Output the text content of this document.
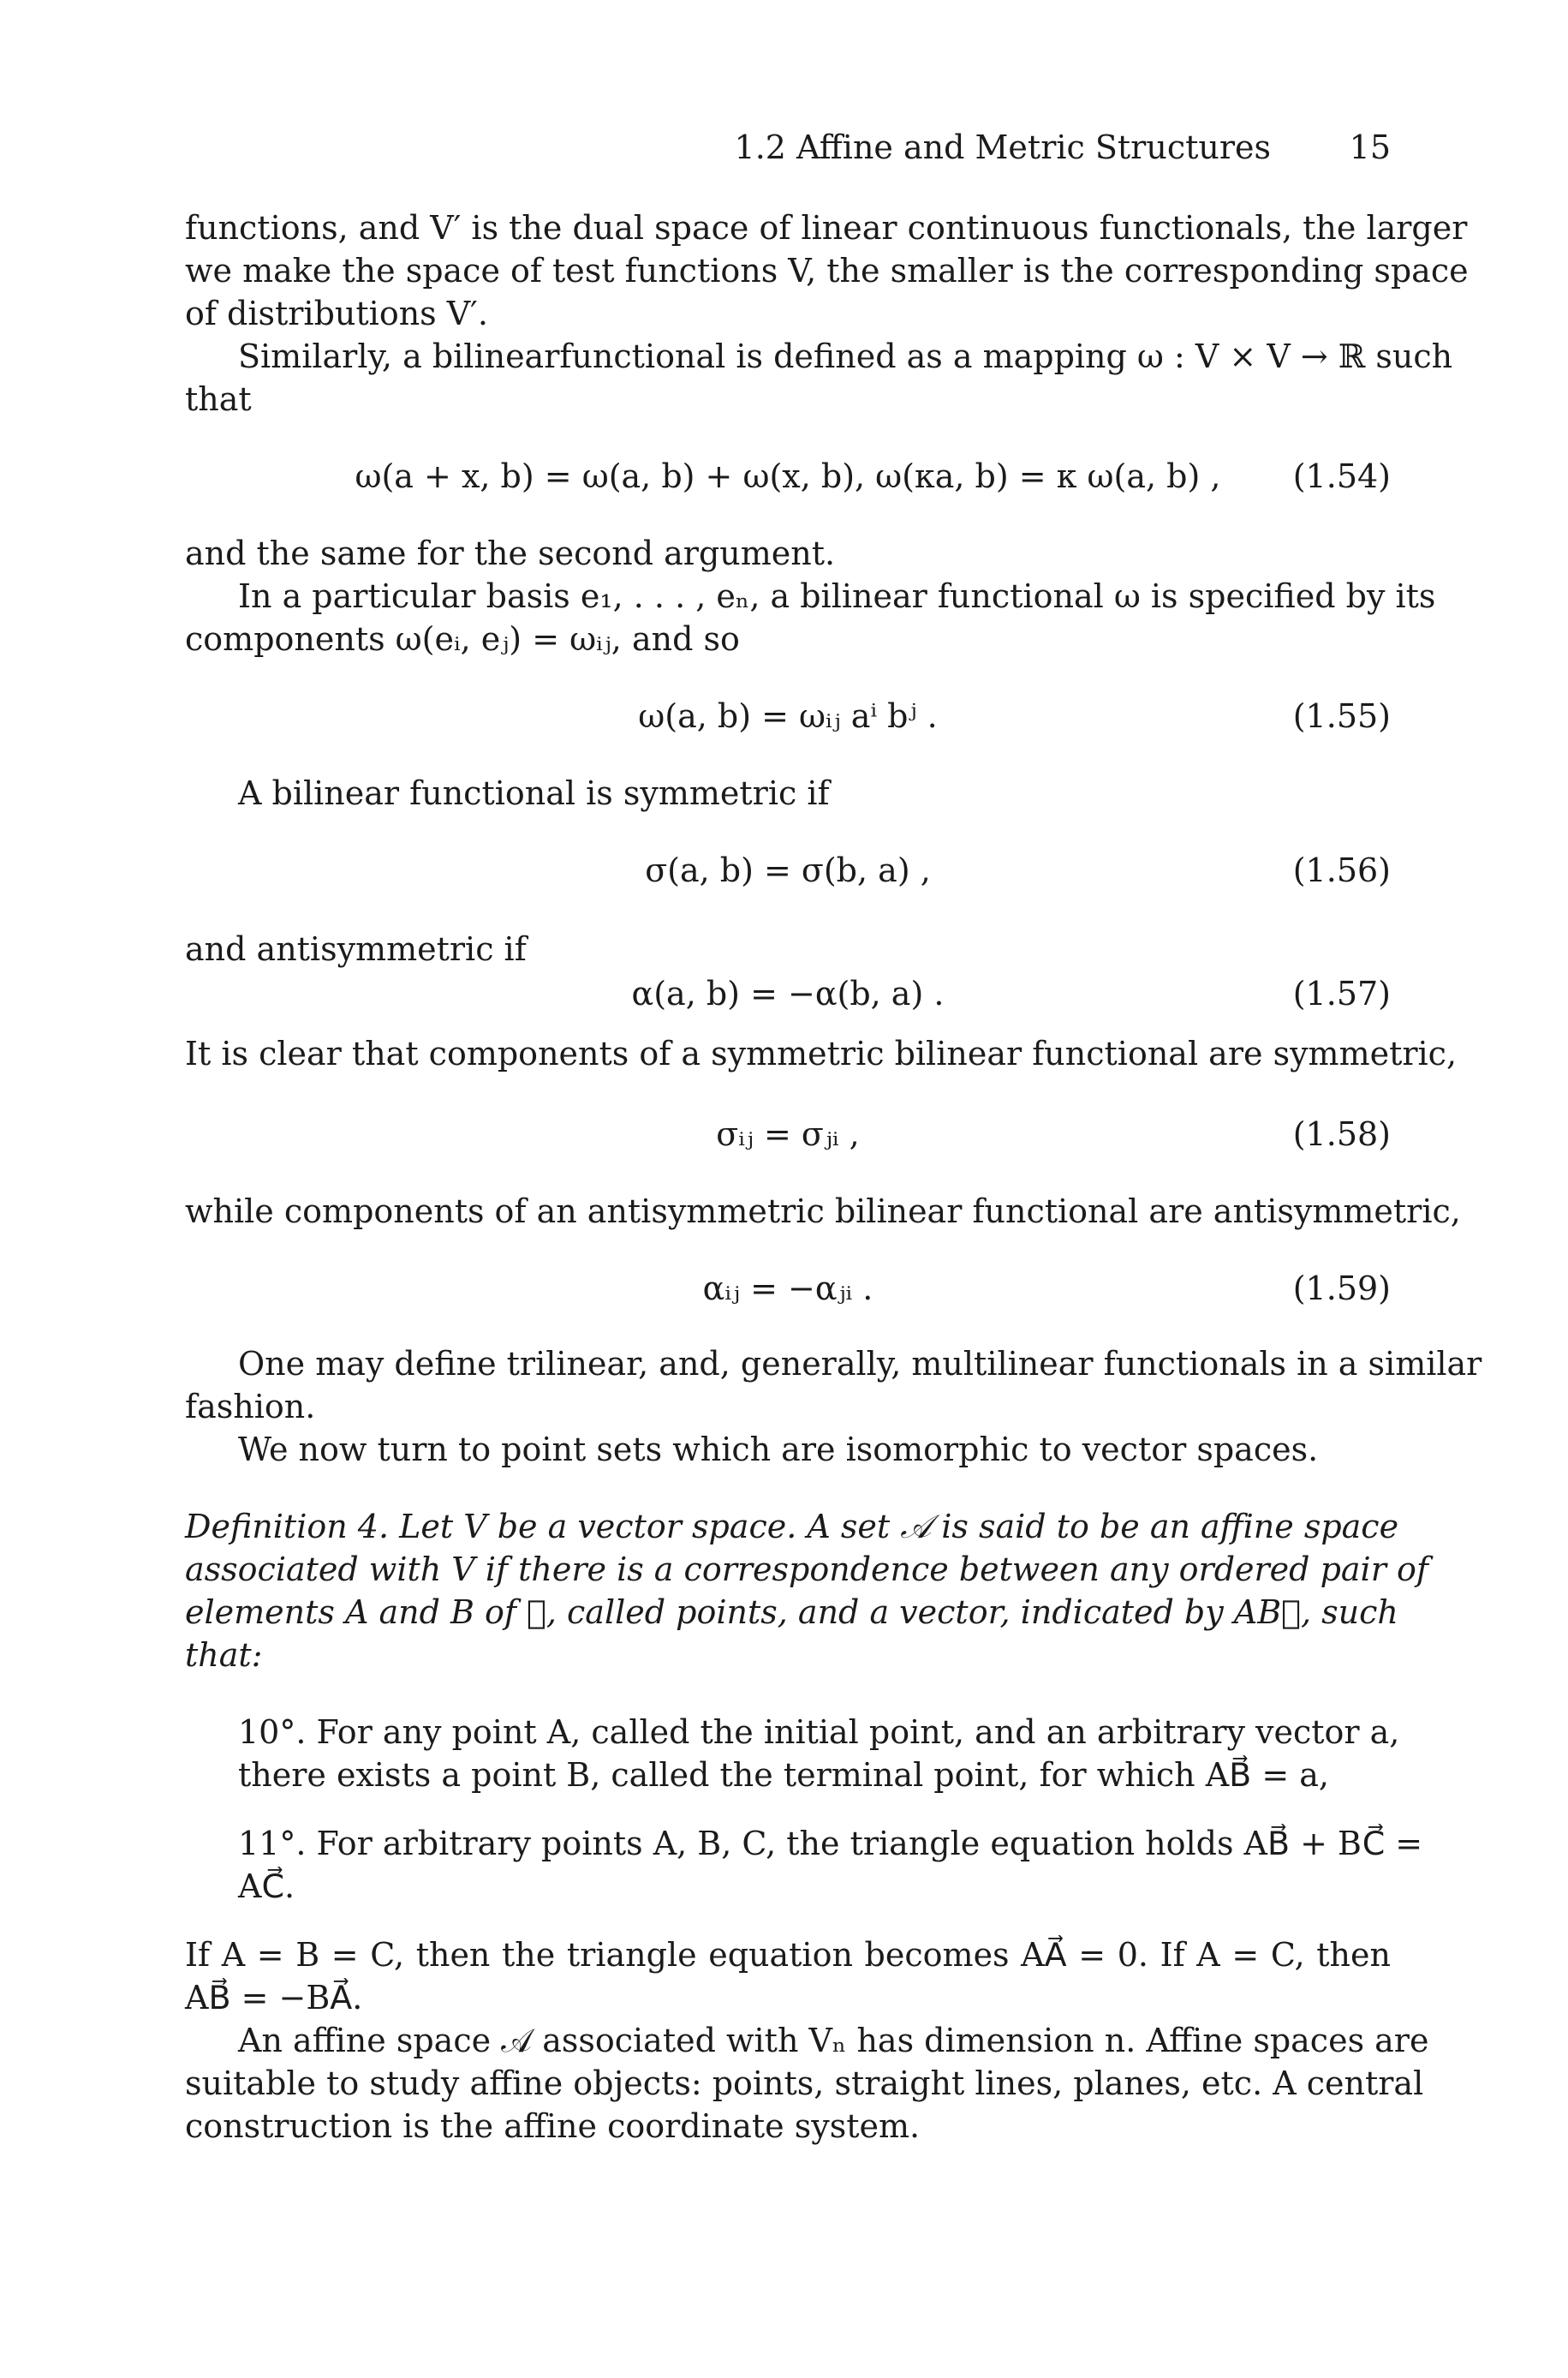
1.2 Affine and Metric Structures 15
functions, and V′ is the dual space of linear continuous functionals, the larger
we make the space of test functions V, the smaller is the corresponding space
of distributions V′.
Similarly, a bilinearfunctional is defined as a mapping ω : V × V → ℝ such
that
ω(a + x, b) = ω(a, b) + ω(x, b), ω(κa, b) = κ ω(a, b) ,	(1.54)
and the same for the second argument.
In a particular basis e₁, . . . , eₙ, a bilinear functional ω is specified by its
components ω(eᵢ, eⱼ) = ωᵢⱼ, and so
ω(a, b) = ωᵢⱼ aⁱ bʲ .	(1.55)
A bilinear functional is symmetric if
σ(a, b) = σ(b, a) ,	(1.56)
and antisymmetric if
α(a, b) = −α(b, a) .	(1.57)
It is clear that components of a symmetric bilinear functional are symmetric,
σᵢⱼ = σⱼᵢ ,	(1.58)
while components of an antisymmetric bilinear functional are antisymmetric,
αᵢⱼ = −αⱼᵢ .	(1.59)
One may define trilinear, and, generally, multilinear functionals in a similar
fashion.
We now turn to point sets which are isomorphic to vector spaces.
Definition 4. Let V be a vector space. A set 𝒜 is said to be an affine space
associated with V if there is a correspondence between any ordered pair of
elements A and B of 𝒜, called points, and a vector, indicated by AB⃗, such
that:
10°. For any point A, called the initial point, and an arbitrary vector a,
there exists a point B, called the terminal point, for which AB⃗ = a,
11°. For arbitrary points A, B, C, the triangle equation holds AB⃗ + BC⃗ =
AC⃗.
If A = B = C, then the triangle equation becomes AA⃗ = 0. If A = C, then
AB⃗ = −BA⃗.
An affine space 𝒜 associated with Vₙ has dimension n. Affine spaces are
suitable to study affine objects: points, straight lines, planes, etc. A central
construction is the affine coordinate system.
